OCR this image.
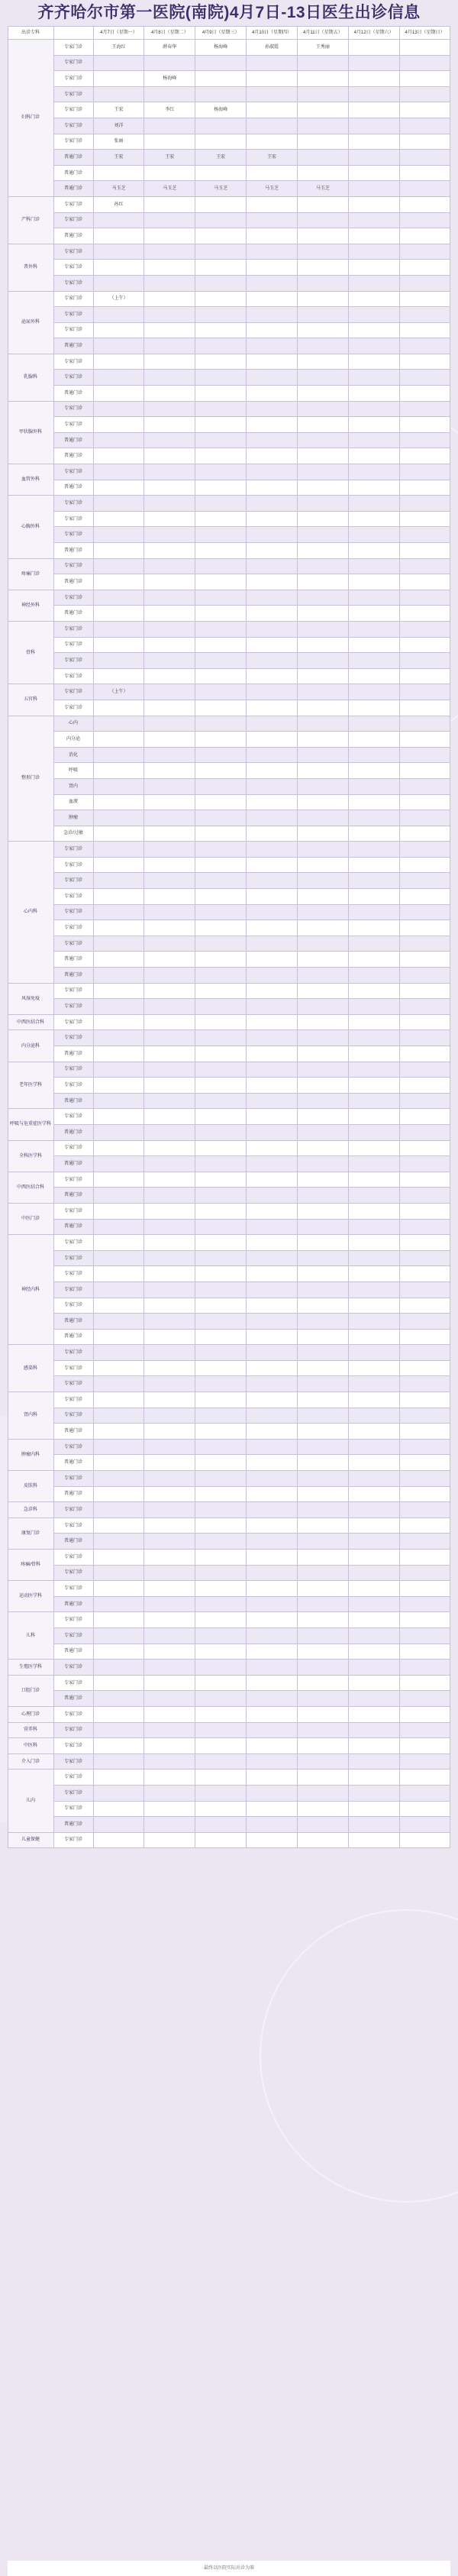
齐齐哈尔市第一医院(南院)4月7日-13日医生出诊信息
出诊专科		4月7日（星期一）	4月8日（星期二）	4月9日（星期三）	4月10日（星期四）	4月11日（星期五）	4月12日（星期六）	4月13日（星期日）
妇科门诊	专家门诊	王海红	薛春华	杨海峰	孙淑霞	王秀丽		
	专家门诊							
	专家门诊		杨海峰					
	专家门诊							
	专家门诊	王宏	李红	杨海峰				
	专家门诊	刘洋						
	专家门诊	张丽						
	普通门诊	王宏	王宏	王宏	王宏			
	普通门诊							
	普通门诊	马玉芝	马玉芝	马玉芝	马玉芝	马玉芝		
产科门诊	专家门诊	孙红						
	专家门诊							
	普通门诊							
普外科	专家门诊							
	专家门诊							
	专家门诊							
泌尿外科	专家门诊	（上午）						
	专家门诊							
	专家门诊							
	普通门诊							
乳腺科	专家门诊							
	专家门诊							
	普通门诊							
甲状腺外科	专家门诊							
	专家门诊							
	普通门诊							
	普通门诊							
血管外科	专家门诊							
	普通门诊							
心胸外科	专家门诊							
	专家门诊							
	专家门诊							
	普通门诊							
疼痛门诊	专家门诊							
	普通门诊							
神经外科	专家门诊							
	普通门诊							
骨科	专家门诊							
	专家门诊							
	专家门诊							
	专家门诊							
五官科	专家门诊	（上午）						
	专家门诊							
整形门诊	心内							
	内分泌							
	消化							
	呼吸							
	肾内							
	血液							
	肿瘤							
	急诊/过敏							
心内科	专家门诊							
	专家门诊							
	专家门诊							
	专家门诊							
	专家门诊							
	专家门诊							
	专家门诊							
	普通门诊							
	普通门诊							
风湿免疫	专家门诊							
	专家门诊							
中西医结合科	专家门诊							
内分泌科	专家门诊							
	普通门诊							
老年医学科	专家门诊							
	专家门诊							
	普通门诊							
呼吸与危重症医学科	专家门诊							
	普通门诊							
全科医学科	专家门诊							
	普通门诊							
中西医结合科	专家门诊							
	普通门诊							
中医门诊	专家门诊							
	普通门诊							
神经内科	专家门诊							
	专家门诊							
	专家门诊							
	专家门诊							
	专家门诊							
	普通门诊							
	普通门诊							
感染科	专家门诊							
	专家门诊							
	专家门诊							
肾内科	专家门诊							
	专家门诊							
	普通门诊							
肿瘤内科	专家门诊							
	普通门诊							
皮肤科	专家门诊							
	普通门诊							
急诊科	专家门诊							
康复门诊	专家门诊							
	普通门诊							
疼痛/骨科	专家门诊							
	专家门诊							
运动医学科	专家门诊							
	普通门诊							
儿科	专家门诊							
	专家门诊							
	普通门诊							
生殖医学科	专家门诊							
口腔门诊	专家门诊							
	普通门诊							
心理门诊	专家门诊							
营养科	专家门诊							
中医科	专家门诊							
介入门诊	专家门诊							
儿内	专家门诊							
	专家门诊							
	专家门诊							
	普通门诊							
儿童保健	专家门诊							
最终以医院实际出诊为准
